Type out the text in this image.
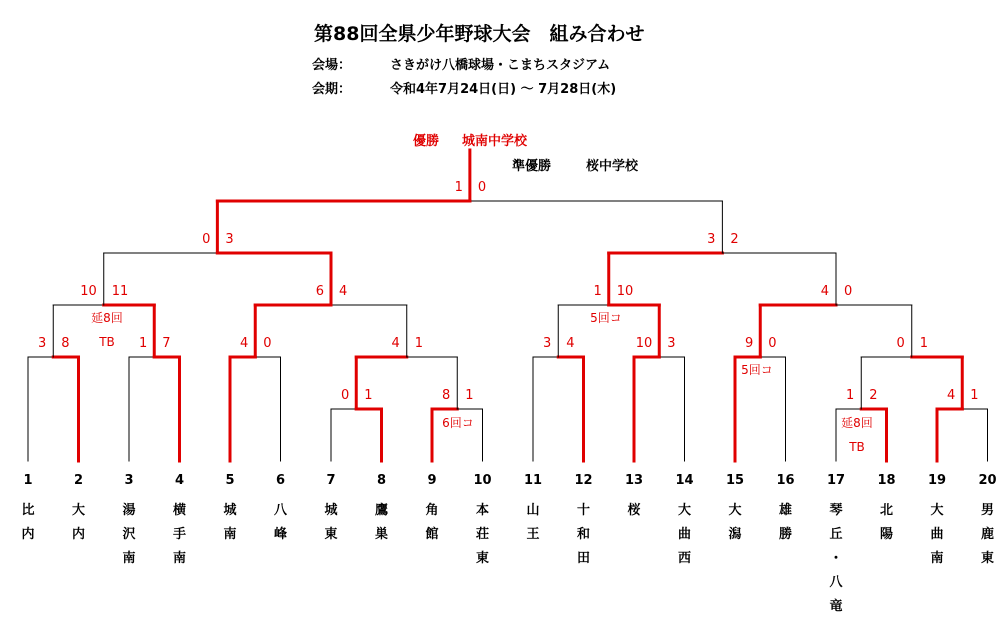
第88回全県少年野球大会　組み合わせ
会場：	さきがけ八橋球場・こまちスタジアム
会期：	令和4年7月24日(日) ～ 7月28日(木)
優勝 城南中学校
準優勝	桜中学校
0 1	8 1
6回コ
1 2
延8回
TB
4 1
3 8	1 7	4 0	3 4	10 3	9 0
5回コ
4 1	0 1
10 11
延8回
TB
6 4	1 10
5回コ
4 0
0 3	3 2
1 0
1
比
内
2
大
内
3
湯
沢
南
4
横
手
南
5
城
南
6
八
峰
7
城
東
8
鷹
巣
9
角
館
10
本
荘
東
11
山
王
12
十
和
田
13
桜
14
大
曲
西
15
大
潟
16
雄
勝
17
琴
丘
・
八
竜
18
北
陽
19
大
曲
南
20
男
鹿
東
